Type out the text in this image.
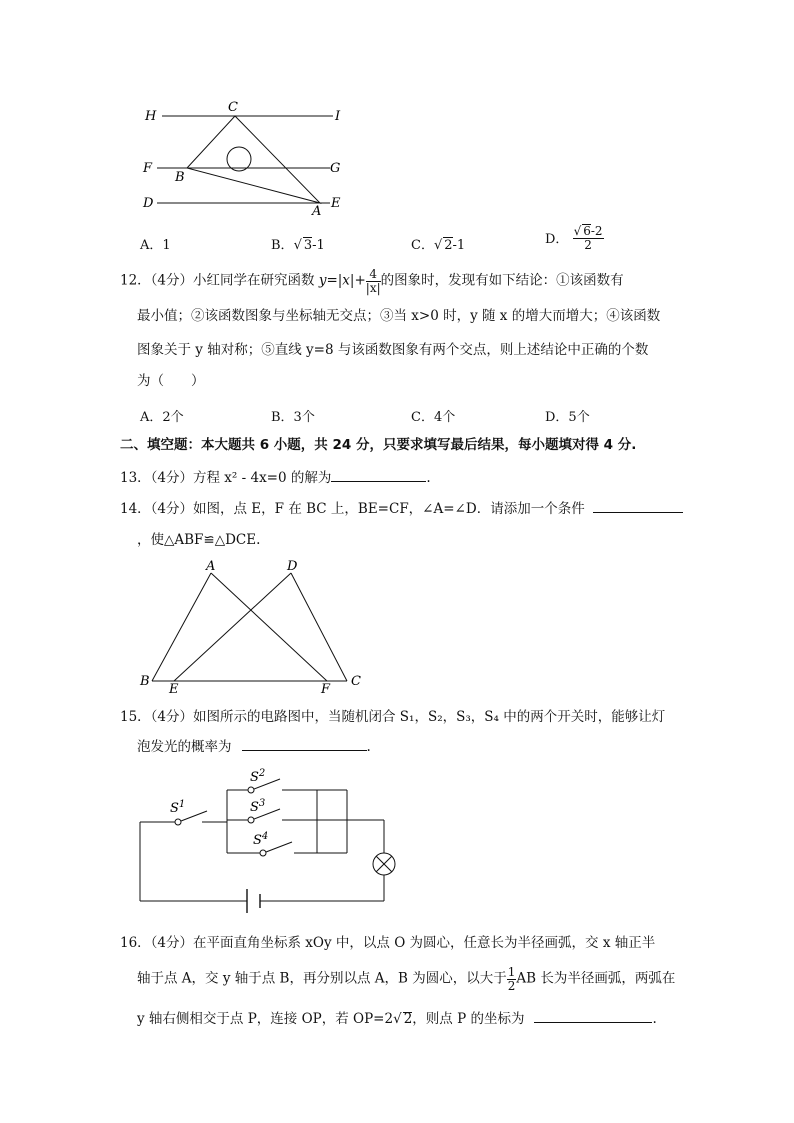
H
C
I
F	G
B
D
A
E
A．1	B．√ 3-1	C．√ 2-1	D． $\frac{√ 6-2}{2}$
12．（4分）小红同学在研究函数 $y=|x|+ \frac{4}{|x|}$ 的图象时，发现有如下结论：①该函数有
最小值；②该函数图象与坐标轴无交点；③当 x>0 时，y 随 x 的增大而增大；④该函数
图象关于 y 轴对称；⑤直线 y=8 与该函数图象有两个交点，则上述结论中正确的个数
为（　　）
A．2个	B．3个	C．4个	D．5个
二、填空题：本大题共 6 小题，共 24 分，只要求填写最后结果，每小题填对得 4 分.
13．（4分）方程 x² - 4x=0 的解为	.
14．（4分）如图，点 E，F 在 BC 上，BE=CF，∠A=∠D．请添加一个条件
，使△ABF≌△DCE.
A	D
B
E	F
C
15．（4分）如图所示的电路图中，当随机闭合 S₁，S₂，S₃，S₄ 中的两个开关时，能够让灯
泡发光的概率为	.
$S^1$
$S^2$
$S^3$
$S^4$
16．（4分）在平面直角坐标系 xOy 中，以点 O 为圆心，任意长为半径画弧，交 x 轴正半
轴于点 A，交 y 轴于点 B，再分别以点 A，B 为圆心，以大于 $\frac{1}{2}$ AB 长为半径画弧，两弧在
y 轴右侧相交于点 P，连接 OP，若 OP=2√ 2，则点 P 的坐标为	.
